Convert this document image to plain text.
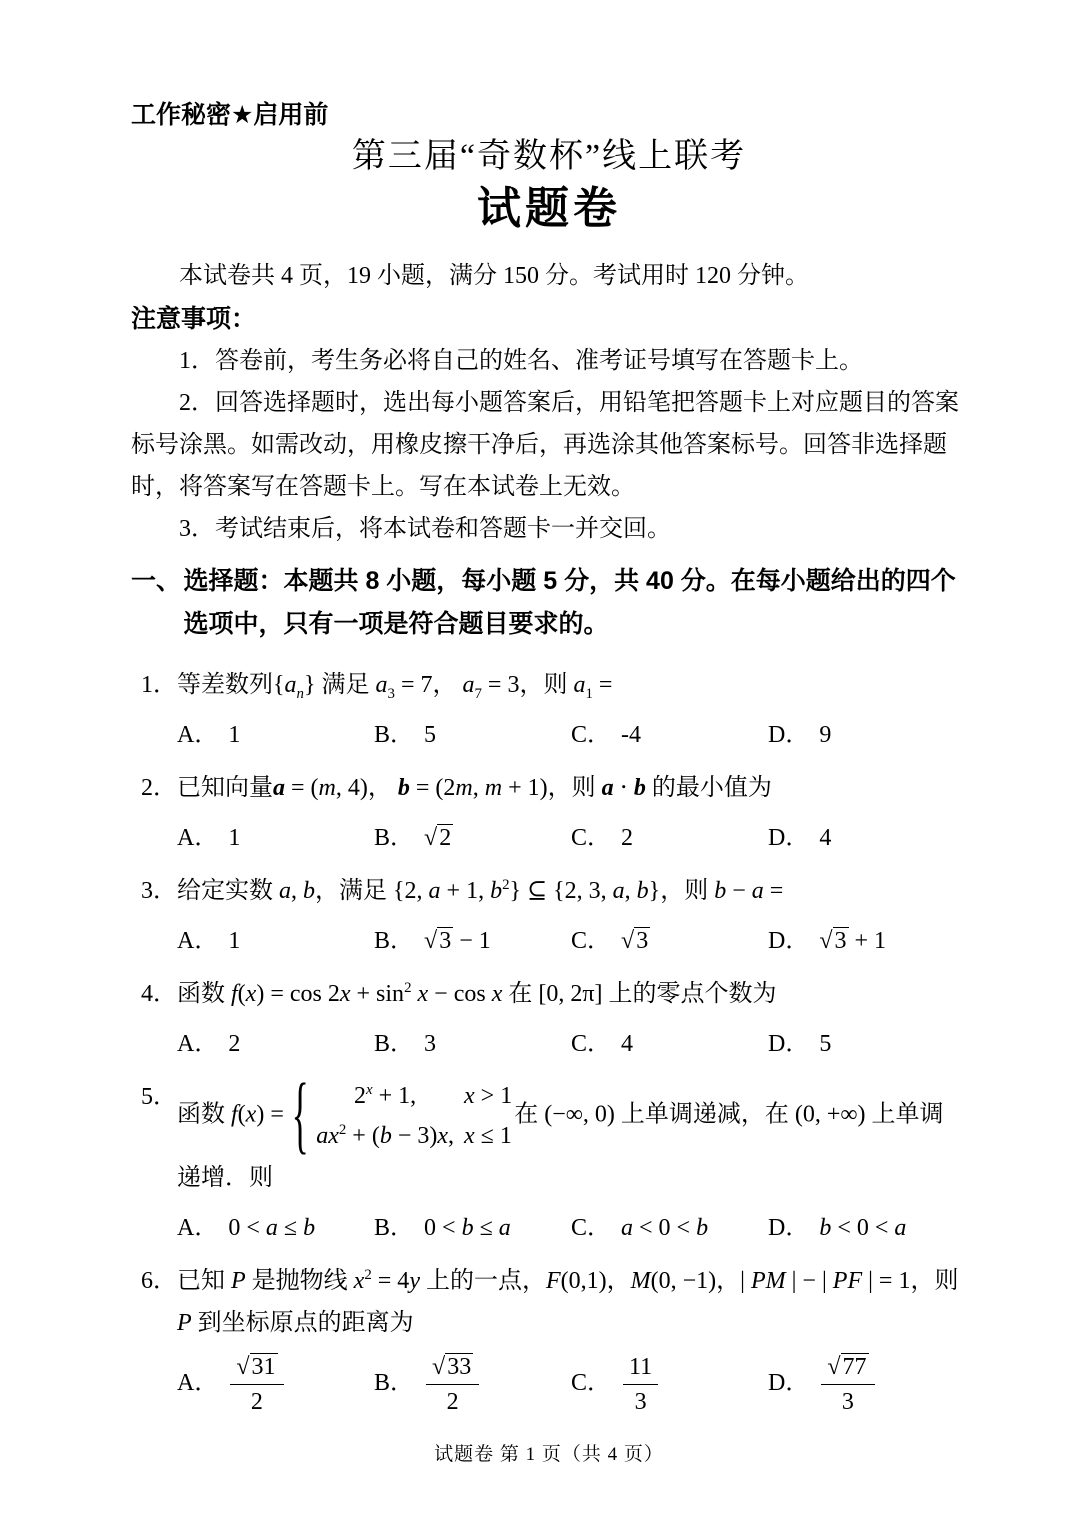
工作秘密★启用前
第三届“奇数杯”线上联考
试题卷
本试卷共 4 页，19 小题，满分 150 分。考试用时 120 分钟。
注意事项：
1．答卷前，考生务必将自己的姓名、准考证号填写在答题卡上。
2．回答选择题时，选出每小题答案后，用铅笔把答题卡上对应题目的答案标号涂黑。如需改动，用橡皮擦干净后，再选涂其他答案标号。回答非选择题时，将答案写在答题卡上。写在本试卷上无效。
3．考试结束后，将本试卷和答题卡一并交回。
一、 选择题：本题共 8 小题，每小题 5 分，共 40 分。在每小题给出的四个选项中，只有一项是符合题目要求的。
1． 等差数列$\{a_n\}$ 满足 $a_3 = 7$， $a_7 = 3$，则 $a_1$ =
A． 1	B． 5	C． -4	D． 9
2． 已知向量a = (m, 4)， b = (2m, m + 1)，则 a ⋅ b 的最小值为
A． 1	B． √2	C． 2	D． 4
3． 给定实数 a, b，满足 {2, a + 1, $b^2$} ⊆ {2, 3, a, b}，则 b − a =
A． 1	B． √3 − 1	C． √3	D． √3 + 1
4． 函数 $f(x) = \cos 2x + \sin^2 x - \cos x$ 在 [0, 2π] 上的零点个数为
A． 2	B． 3	C． 4	D． 5
5．
函数 f(x) = { $2^x + 1$, x > 1
$ax^2 + (b - 3)x$, x ≤ 1
在 (−∞, 0) 上单调递减，在 (0, +∞) 上单调递增．则
A． 0 < a ≤ b	B． 0 < b ≤ a	C． a < 0 < b	D． b < 0 < a
6． 已知 P 是抛物线 $x^2 = 4y$ 上的一点，F(0,1)，M(0, −1)，| PM | − | PF | = 1，则 P 到坐标原点的距离为
A． $\frac{√31}{2}$	B． $\frac{√33}{2}$	C． $\frac{11}{3}$	D． $\frac{√77}{3}$
试题卷 第 1 页（共 4 页）
